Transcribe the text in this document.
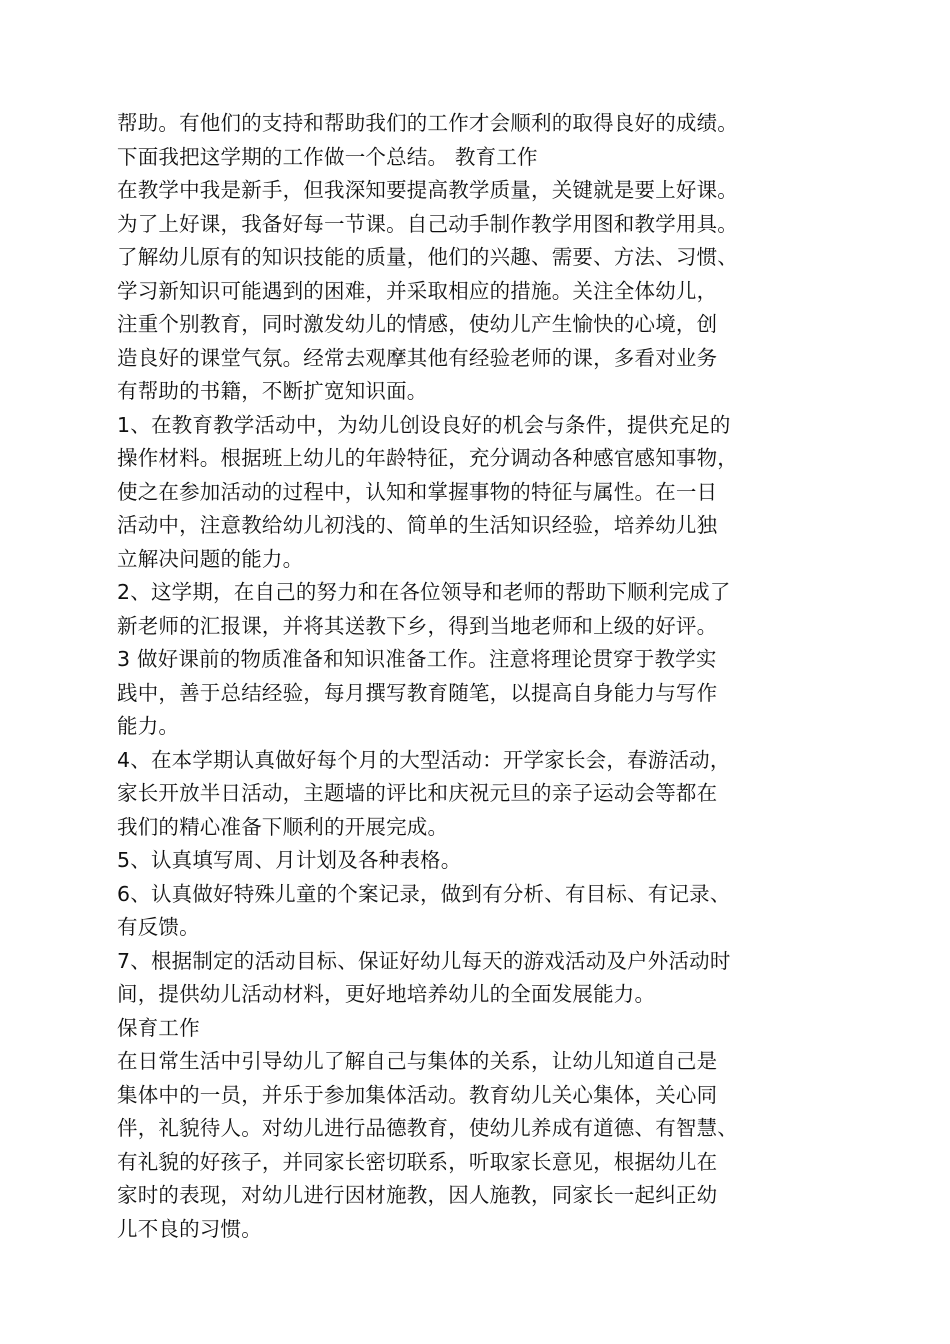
帮助。有他们的支持和帮助我们的工作才会顺利的取得良好的成绩。
下面我把这学期的工作做一个总结。 教育工作
在教学中我是新手，但我深知要提高教学质量，关键就是要上好课。
为了上好课，我备好每一节课。自己动手制作教学用图和教学用具。
了解幼儿原有的知识技能的质量，他们的兴趣、需要、方法、习惯、
学习新知识可能遇到的困难，并采取相应的措施。关注全体幼儿，
注重个别教育，同时激发幼儿的情感，使幼儿产生愉快的心境，创
造良好的课堂气氛。经常去观摩其他有经验老师的课，多看对业务
有帮助的书籍，不断扩宽知识面。
1、在教育教学活动中，为幼儿创设良好的机会与条件，提供充足的
操作材料。根据班上幼儿的年龄特征，充分调动各种感官感知事物，
使之在参加活动的过程中，认知和掌握事物的特征与属性。在一日
活动中，注意教给幼儿初浅的、简单的生活知识经验，培养幼儿独
立解决问题的能力。
2、这学期，在自己的努力和在各位领导和老师的帮助下顺利完成了
新老师的汇报课，并将其送教下乡，得到当地老师和上级的好评。
3 做好课前的物质准备和知识准备工作。注意将理论贯穿于教学实
践中，善于总结经验，每月撰写教育随笔，以提高自身能力与写作
能力。
4、在本学期认真做好每个月的大型活动：开学家长会，春游活动，
家长开放半日活动，主题墙的评比和庆祝元旦的亲子运动会等都在
我们的精心准备下顺利的开展完成。
5、认真填写周、月计划及各种表格。
6、认真做好特殊儿童的个案记录，做到有分析、有目标、有记录、
有反馈。
7、根据制定的活动目标、保证好幼儿每天的游戏活动及户外活动时
间，提供幼儿活动材料，更好地培养幼儿的全面发展能力。
保育工作
在日常生活中引导幼儿了解自己与集体的关系，让幼儿知道自己是
集体中的一员，并乐于参加集体活动。教育幼儿关心集体，关心同
伴，礼貌待人。对幼儿进行品德教育，使幼儿养成有道德、有智慧、
有礼貌的好孩子，并同家长密切联系，听取家长意见，根据幼儿在
家时的表现，对幼儿进行因材施教，因人施教，同家长一起纠正幼
儿不良的习惯。
